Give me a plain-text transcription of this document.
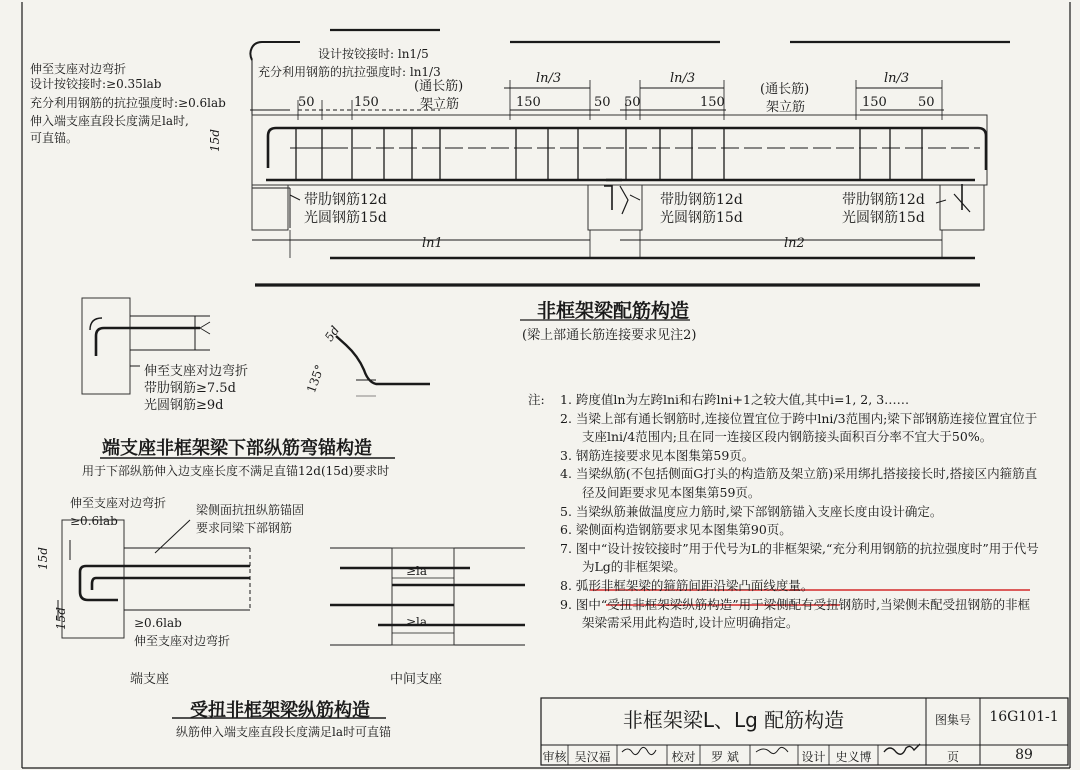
伸至支座对边弯折
设计按铰接时:≥0.35lab
充分利用钢筋的抗拉强度时:≥0.6lab
伸入端支座直段长度满足la时,
可直锚。
设计按铰接时: ln1/5
充分利用钢筋的抗拉强度时: ln1/3
(通长筋)
架立筋
(通长筋)
架立筋
50	150	150	50 50	150	150 50
ln/3	ln/3	ln/3
15d
带肋钢筋12d
光圆钢筋15d
带肋钢筋12d
光圆钢筋15d
带肋钢筋12d
光圆钢筋15d
ln1	ln2
非框架梁配筋构造
(梁上部通长筋连接要求见注2)
5d
135°
伸至支座对边弯折
带肋钢筋≥7.5d
光圆钢筋≥9d
端支座非框架梁下部纵筋弯锚构造
用于下部纵筋伸入边支座长度不满足直锚12d(15d)要求时
伸至支座对边弯折
≥0.6lab
梁侧面抗扭纵筋锚固
要求同梁下部钢筋
15d
15d	≥0.6lab
伸至支座对边弯折
≥la
≥la
端支座	中间支座
受扭非框架梁纵筋构造
纵筋伸入端支座直段长度满足la时可直锚
注: 1. 跨度值ln为左跨lni和右跨lni+1之较大值,其中i=1, 2, 3……
2. 当梁上部有通长钢筋时,连接位置宜位于跨中lni/3范围内;梁下部钢筋连接位置宜位于支座lni/4范围内;且在同一连接区段内钢筋接头面积百分率不宜大于50%。
3. 钢筋连接要求见本图集第59页。
4. 当梁纵筋(不包括侧面G打头的构造筋及架立筋)采用绑扎搭接接长时,搭接区内箍筋直径及间距要求见本图集第59页。
5. 当梁纵筋兼做温度应力筋时,梁下部钢筋锚入支座长度由设计确定。
6. 梁侧面构造钢筋要求见本图集第90页。
7. 图中“设计按铰接时”用于代号为L的非框架梁,“充分利用钢筋的抗拉强度时”用于代号为Lg的非框架梁。
8. 弧形非框架梁的箍筋间距沿梁凸面线度量。
9. 图中“受扭非框架梁纵筋构造”用于梁侧配有受扭钢筋时,当梁侧未配受扭钢筋的非框架梁需采用此构造时,设计应明确指定。
非框架梁L、Lg 配筋构造	图集号	16G101-1
审核 吴汉福	校对	罗 斌	设计 史义博	页	89
